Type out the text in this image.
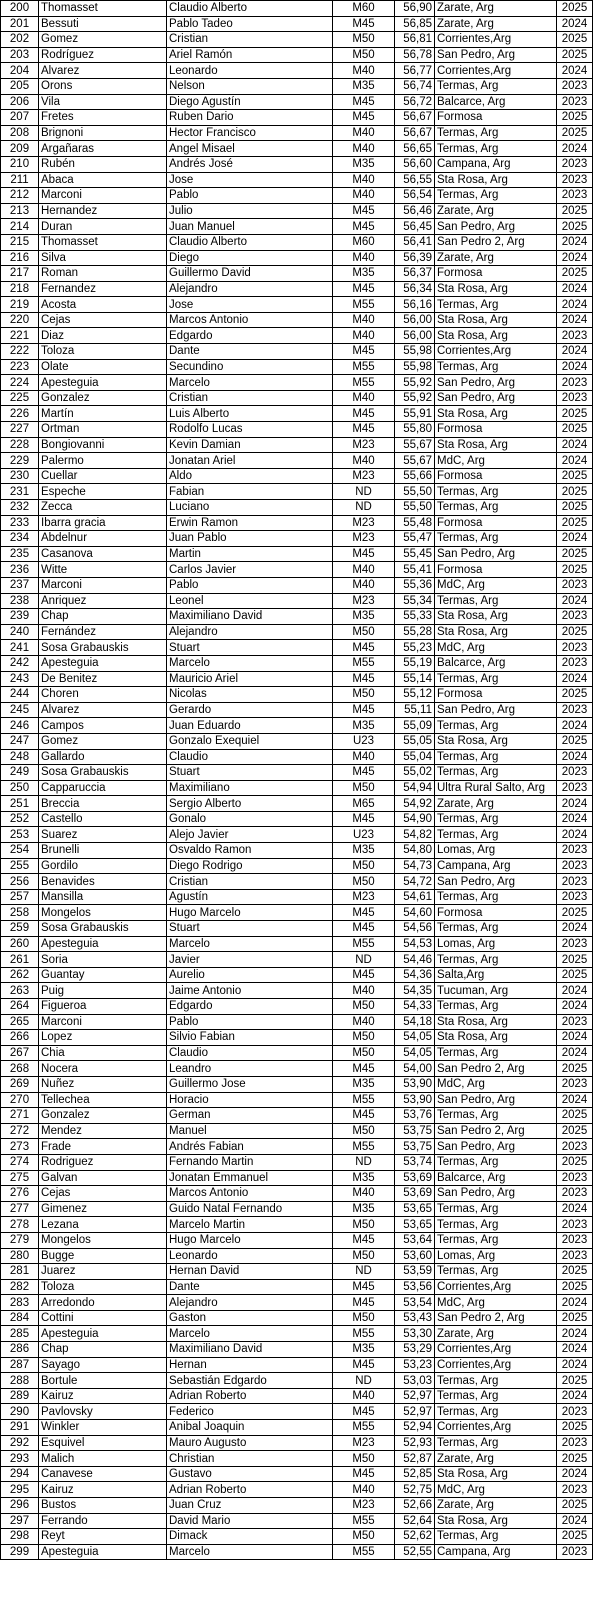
200	Thomasset	Claudio Alberto	M60	56,90	Zarate, Arg	2025
201	Bessuti	Pablo Tadeo	M45	56,85	Zarate, Arg	2024
202	Gomez	Cristian	M50	56,81	Corrientes,Arg	2025
203	Rodríguez	Ariel Ramón	M50	56,78	San Pedro, Arg	2025
204	Alvarez	Leonardo	M40	56,77	Corrientes,Arg	2024
205	Orons	Nelson	M35	56,74	Termas, Arg	2023
206	Vila	Diego Agustín	M45	56,72	Balcarce, Arg	2023
207	Fretes	Ruben Dario	M45	56,67	Formosa	2025
208	Brignoni	Hector Francisco	M40	56,67	Termas, Arg	2025
209	Argañaras	Angel Misael	M40	56,65	Termas, Arg	2024
210	Rubén	Andrés José	M35	56,60	Campana, Arg	2023
211	Abaca	Jose	M40	56,55	Sta Rosa, Arg	2023
212	Marconi	Pablo	M40	56,54	Termas, Arg	2023
213	Hernandez	Julio	M45	56,46	Zarate, Arg	2025
214	Duran	Juan Manuel	M45	56,45	San Pedro, Arg	2025
215	Thomasset	Claudio Alberto	M60	56,41	San Pedro 2, Arg	2024
216	Silva	Diego	M40	56,39	Zarate, Arg	2024
217	Roman	Guillermo David	M35	56,37	Formosa	2025
218	Fernandez	Alejandro	M45	56,34	Sta Rosa, Arg	2024
219	Acosta	Jose	M55	56,16	Termas, Arg	2024
220	Cejas	Marcos Antonio	M40	56,00	Sta Rosa, Arg	2024
221	Diaz	Edgardo	M40	56,00	Sta Rosa, Arg	2023
222	Toloza	Dante	M45	55,98	Corrientes,Arg	2024
223	Olate	Secundino	M55	55,98	Termas, Arg	2024
224	Apesteguia	Marcelo	M55	55,92	San Pedro, Arg	2023
225	Gonzalez	Cristian	M40	55,92	San Pedro, Arg	2023
226	Martín	Luis Alberto	M45	55,91	Sta Rosa, Arg	2025
227	Ortman	Rodolfo Lucas	M45	55,80	Formosa	2025
228	Bongiovanni	Kevin Damian	M23	55,67	Sta Rosa, Arg	2024
229	Palermo	Jonatan Ariel	M40	55,67	MdC, Arg	2024
230	Cuellar	Aldo	M23	55,66	Formosa	2025
231	Espeche	Fabian	ND	55,50	Termas, Arg	2025
232	Zecca	Luciano	ND	55,50	Termas, Arg	2025
233	Ibarra gracia	Erwin Ramon	M23	55,48	Formosa	2025
234	Abdelnur	Juan Pablo	M23	55,47	Termas, Arg	2024
235	Casanova	Martin	M45	55,45	San Pedro, Arg	2025
236	Witte	Carlos Javier	M40	55,41	Formosa	2025
237	Marconi	Pablo	M40	55,36	MdC, Arg	2023
238	Anriquez	Leonel	M23	55,34	Termas, Arg	2024
239	Chap	Maximiliano David	M35	55,33	Sta Rosa, Arg	2023
240	Fernández	Alejandro	M50	55,28	Sta Rosa, Arg	2025
241	Sosa Grabauskis	Stuart	M45	55,23	MdC, Arg	2023
242	Apesteguia	Marcelo	M55	55,19	Balcarce, Arg	2023
243	De Benitez	Mauricio Ariel	M45	55,14	Termas, Arg	2024
244	Choren	Nicolas	M50	55,12	Formosa	2025
245	Alvarez	Gerardo	M45	55,11	San Pedro, Arg	2023
246	Campos	Juan Eduardo	M35	55,09	Termas, Arg	2024
247	Gomez	Gonzalo Exequiel	U23	55,05	Sta Rosa, Arg	2025
248	Gallardo	Claudio	M40	55,04	Termas, Arg	2024
249	Sosa Grabauskis	Stuart	M45	55,02	Termas, Arg	2023
250	Capparuccia	Maximiliano	M50	54,94	Ultra Rural Salto, Arg	2023
251	Breccia	Sergio Alberto	M65	54,92	Zarate, Arg	2024
252	Castello	Gonalo	M45	54,90	Termas, Arg	2024
253	Suarez	Alejo Javier	U23	54,82	Termas, Arg	2024
254	Brunelli	Osvaldo Ramon	M35	54,80	Lomas, Arg	2023
255	Gordilo	Diego Rodrigo	M50	54,73	Campana, Arg	2023
256	Benavides	Cristian	M50	54,72	San Pedro, Arg	2023
257	Mansilla	Agustín	M23	54,61	Termas, Arg	2023
258	Mongelos	Hugo Marcelo	M45	54,60	Formosa	2025
259	Sosa Grabauskis	Stuart	M45	54,56	Termas, Arg	2024
260	Apesteguia	Marcelo	M55	54,53	Lomas, Arg	2023
261	Soria	Javier	ND	54,46	Termas, Arg	2025
262	Guantay	Aurelio	M45	54,36	Salta,Arg	2025
263	Puig	Jaime Antonio	M40	54,35	Tucuman, Arg	2024
264	Figueroa	Edgardo	M50	54,33	Termas, Arg	2024
265	Marconi	Pablo	M40	54,18	Sta Rosa, Arg	2023
266	Lopez	Silvio Fabian	M50	54,05	Sta Rosa, Arg	2024
267	Chia	Claudio	M50	54,05	Termas, Arg	2024
268	Nocera	Leandro	M45	54,00	San Pedro 2, Arg	2025
269	Nuñez	Guillermo Jose	M35	53,90	MdC, Arg	2023
270	Tellechea	Horacio	M55	53,90	San Pedro, Arg	2024
271	Gonzalez	German	M45	53,76	Termas, Arg	2025
272	Mendez	Manuel	M50	53,75	San Pedro 2, Arg	2025
273	Frade	Andrés Fabian	M55	53,75	San Pedro, Arg	2023
274	Rodriguez	Fernando Martin	ND	53,74	Termas, Arg	2025
275	Galvan	Jonatan Emmanuel	M35	53,69	Balcarce, Arg	2023
276	Cejas	Marcos Antonio	M40	53,69	San Pedro, Arg	2023
277	Gimenez	Guido Natal Fernando	M35	53,65	Termas, Arg	2024
278	Lezana	Marcelo Martin	M50	53,65	Termas, Arg	2023
279	Mongelos	Hugo Marcelo	M45	53,64	Termas, Arg	2023
280	Bugge	Leonardo	M50	53,60	Lomas, Arg	2023
281	Juarez	Hernan David	ND	53,59	Termas, Arg	2025
282	Toloza	Dante	M45	53,56	Corrientes,Arg	2025
283	Arredondo	Alejandro	M45	53,54	MdC, Arg	2024
284	Cottini	Gaston	M50	53,43	San Pedro 2, Arg	2025
285	Apesteguia	Marcelo	M55	53,30	Zarate, Arg	2024
286	Chap	Maximiliano David	M35	53,29	Corrientes,Arg	2024
287	Sayago	Hernan	M45	53,23	Corrientes,Arg	2024
288	Bortule	Sebastián Edgardo	ND	53,03	Termas, Arg	2025
289	Kairuz	Adrian Roberto	M40	52,97	Termas, Arg	2024
290	Pavlovsky	Federico	M45	52,97	Termas, Arg	2023
291	Winkler	Anibal Joaquin	M55	52,94	Corrientes,Arg	2025
292	Esquivel	Mauro Augusto	M23	52,93	Termas, Arg	2023
293	Malich	Christian	M50	52,87	Zarate, Arg	2025
294	Canavese	Gustavo	M45	52,85	Sta Rosa, Arg	2024
295	Kairuz	Adrian Roberto	M40	52,75	MdC, Arg	2023
296	Bustos	Juan Cruz	M23	52,66	Zarate, Arg	2025
297	Ferrando	David Mario	M55	52,64	Sta Rosa, Arg	2024
298	Reyt	Dimack	M50	52,62	Termas, Arg	2025
299	Apesteguia	Marcelo	M55	52,55	Campana, Arg	2023
